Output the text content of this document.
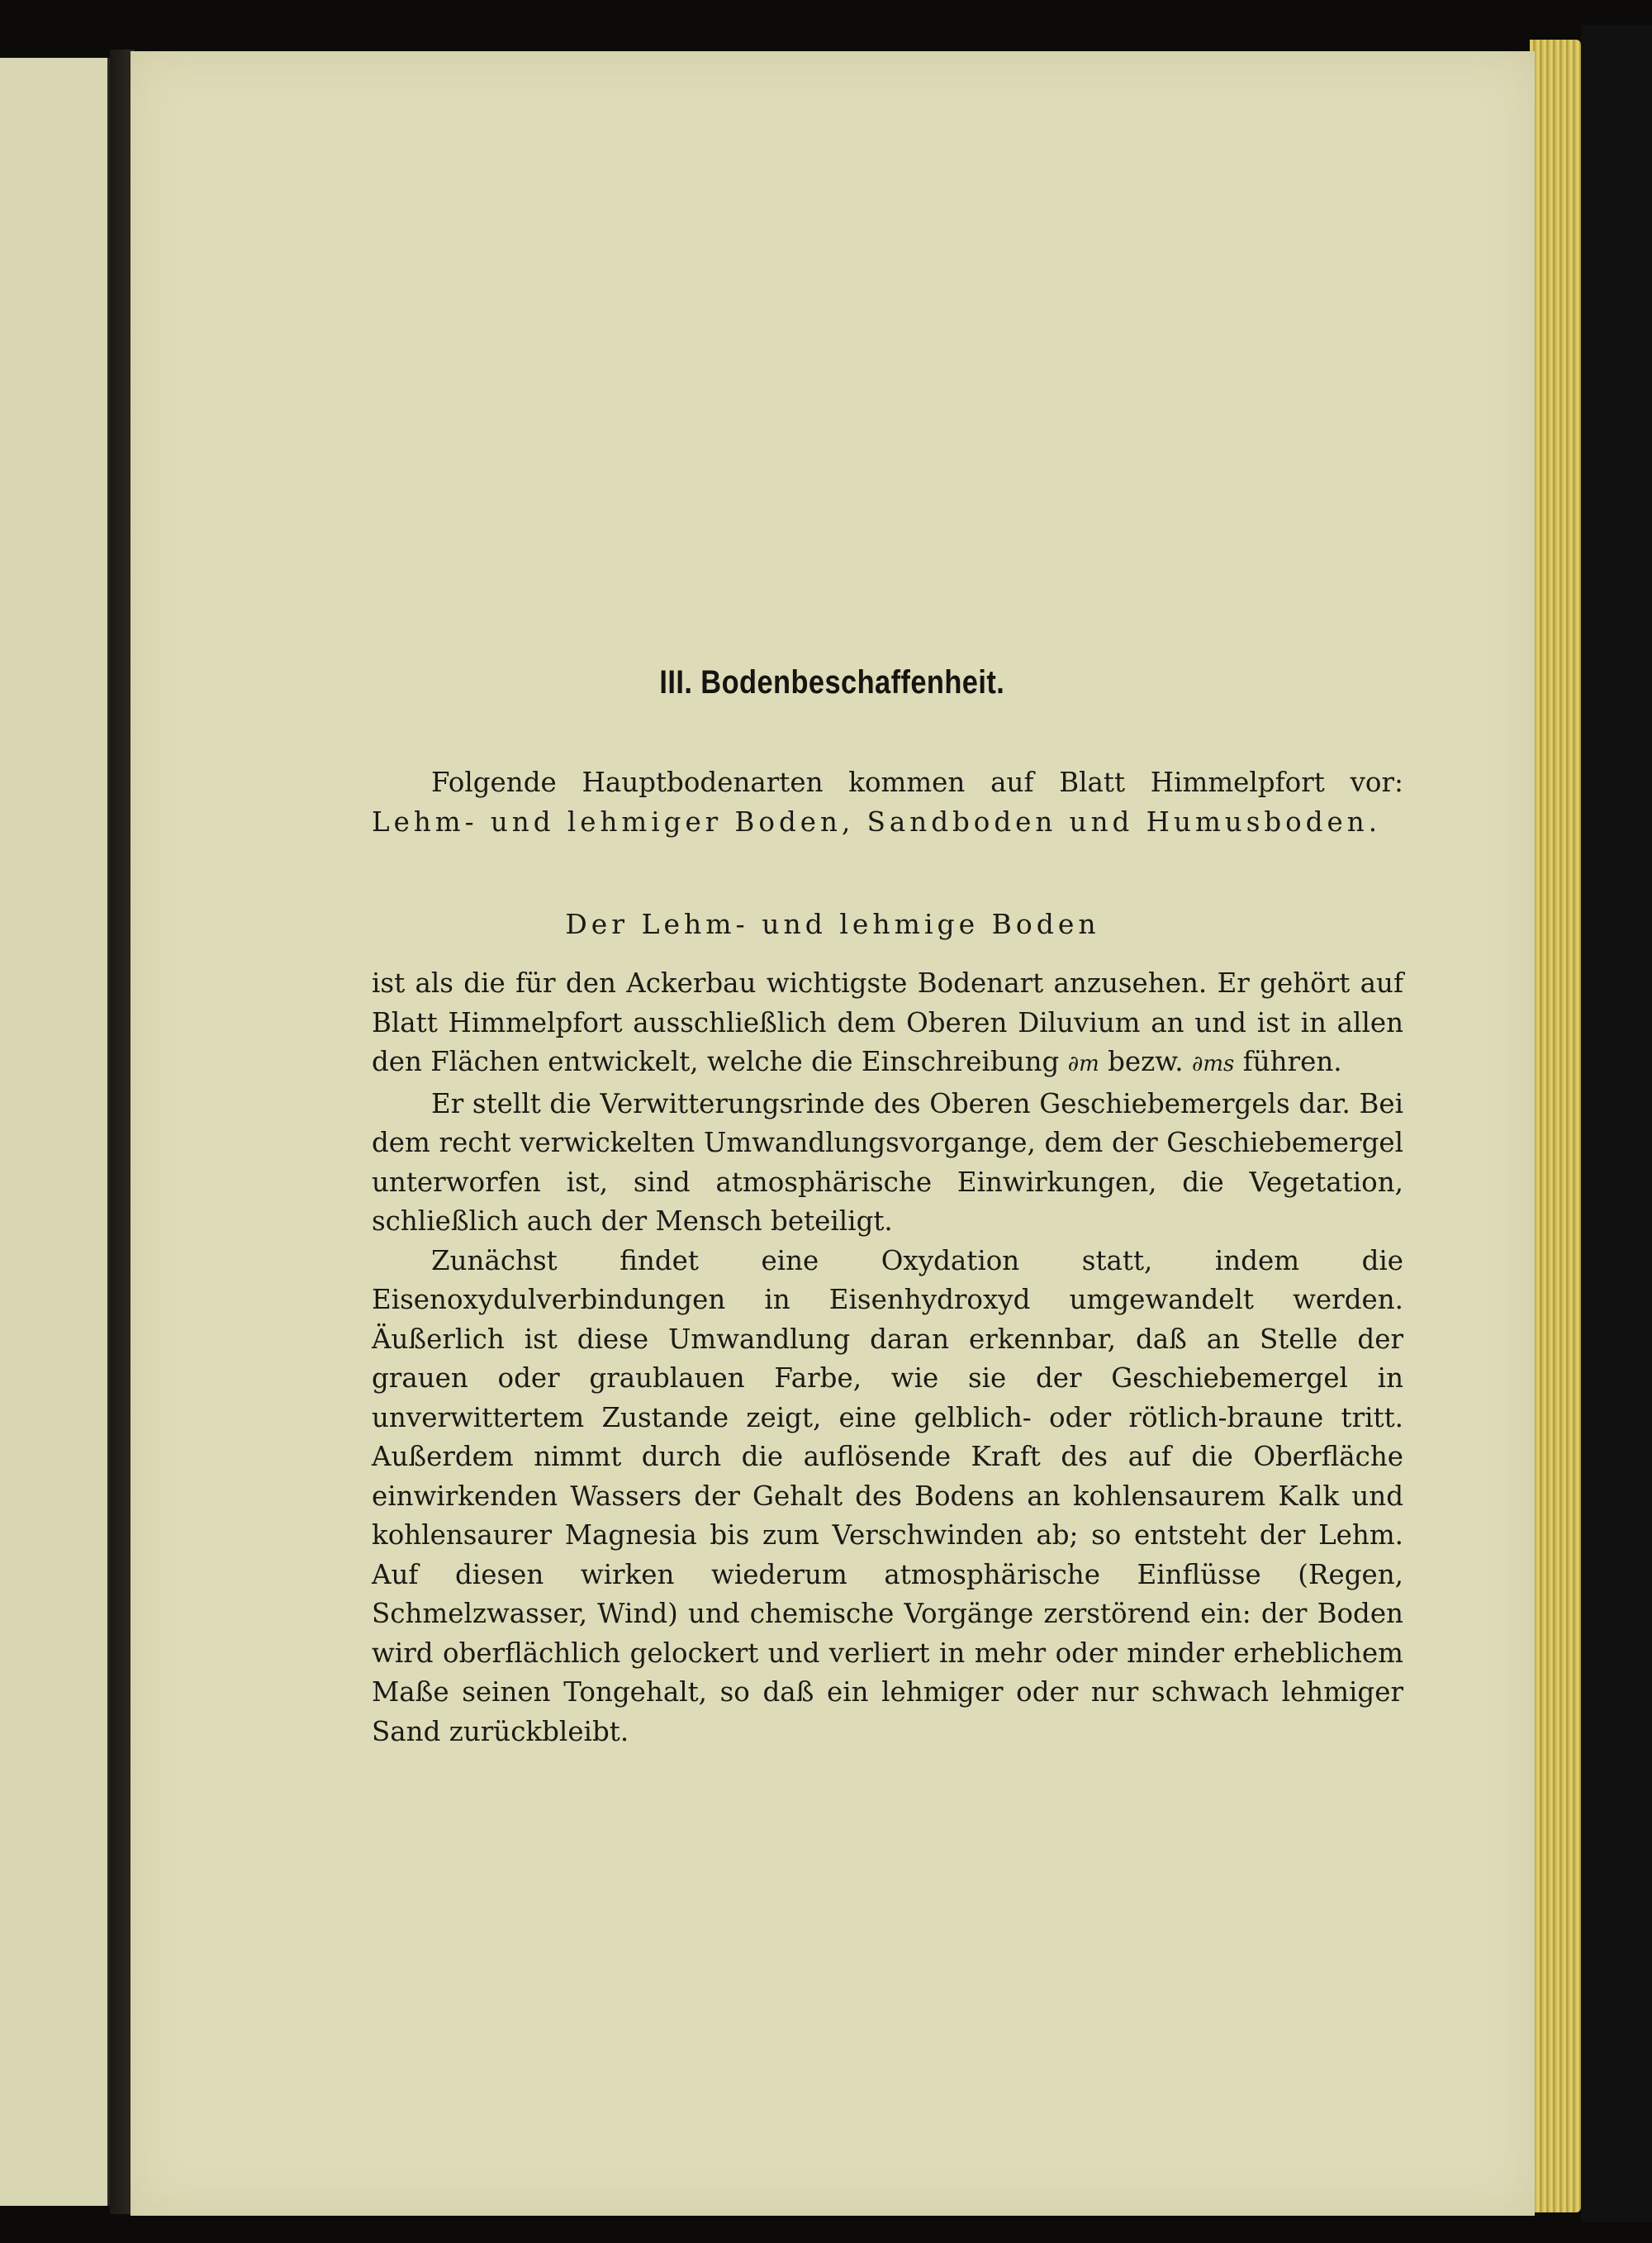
III. Bodenbeschaffenheit.

Folgende Hauptbodenarten kommen auf Blatt Himmelpfort vor: Lehm- und lehmiger Boden, Sandboden und Humusboden.

Der Lehm- und lehmige Boden

ist als die für den Ackerbau wichtigste Bodenart anzusehen. Er gehört auf Blatt Himmelpfort ausschließlich dem Oberen Diluvium an und ist in allen den Flächen entwickelt, welche die Einschreibung ∂m bezw. ∂ms führen.

Er stellt die Verwitterungsrinde des Oberen Geschiebemergels dar. Bei dem recht verwickelten Umwandlungsvorgange, dem der Geschiebemergel unterworfen ist, sind atmosphärische Einwirkungen, die Vegetation, schließlich auch der Mensch beteiligt.

Zunächst findet eine Oxydation statt, indem die Eisenoxydulverbindungen in Eisenhydroxyd umgewandelt werden. Äußerlich ist diese Umwandlung daran erkennbar, daß an Stelle der grauen oder graublauen Farbe, wie sie der Geschiebemergel in unverwittertem Zustande zeigt, eine gelblich- oder rötlich-braune tritt. Außerdem nimmt durch die auflösende Kraft des auf die Oberfläche einwirkenden Wassers der Gehalt des Bodens an kohlensaurem Kalk und kohlensaurer Magnesia bis zum Verschwinden ab; so entsteht der Lehm. Auf diesen wirken wiederum atmosphärische Einflüsse (Regen, Schmelzwasser, Wind) und chemische Vorgänge zerstörend ein: der Boden wird oberflächlich gelockert und verliert in mehr oder minder erheblichem Maße seinen Tongehalt, so daß ein lehmiger oder nur schwach lehmiger Sand zurückbleibt.
